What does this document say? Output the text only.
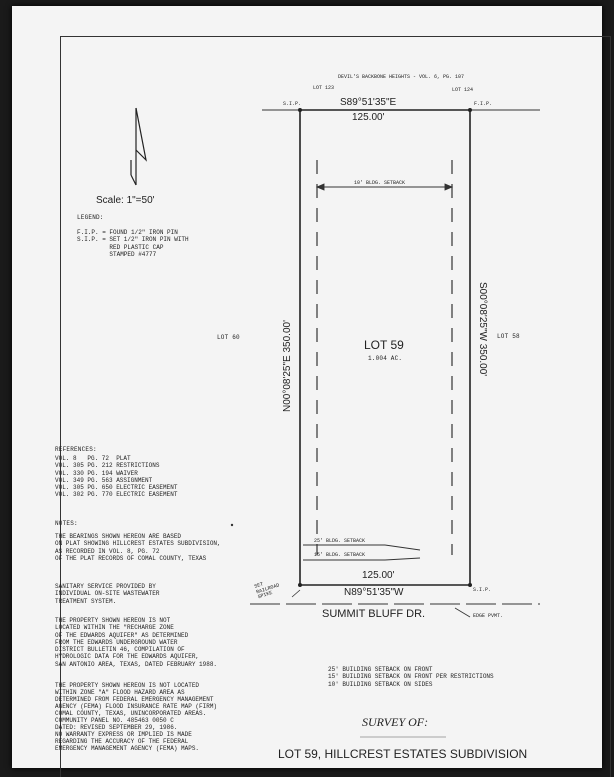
DEVIL'S BACKBONE HEIGHTS - VOL. 6, PG. 107
LOT 123	LOT 124
S.I.P.	F.I.P.
S89°51'35"E
125.00'
10' BLDG. SETBACK
Scale: 1"=50'
LOT 60	LOT 58
LOT 59
1.004 AC.
N00°08'25"E 350.00'	S00°08'25"W 350.00'
25' BLDG. SETBACK
15' BLDG. SETBACK
125.00'
N89°51'35"W	S.I.P.
SET
RAILROAD
SPIKE
SUMMIT BLUFF DR.	EDGE PVMT.
LEGEND:
F.I.P. = FOUND 1/2" IRON PIN
S.I.P. = SET 1/2" IRON PIN WITH
RED PLASTIC CAP
STAMPED #4777
REFERENCES:
VOL. 8   PG. 72  PLAT
VOL. 305 PG. 212 RESTRICTIONS
VOL. 330 PG. 194 WAIVER
VOL. 349 PG. 563 ASSIGNMENT
VOL. 305 PG. 650 ELECTRIC EASEMENT
VOL. 302 PG. 770 ELECTRIC EASEMENT
NOTES:
THE BEARINGS SHOWN HEREON ARE BASED
ON PLAT SHOWING HILLCREST ESTATES SUBDIVISION,
AS RECORDED IN VOL. 8, PG. 72
OF THE PLAT RECORDS OF COMAL COUNTY, TEXAS
SANITARY SERVICE PROVIDED BY
INDIVIDUAL ON-SITE WASTEWATER
TREATMENT SYSTEM.
THE PROPERTY SHOWN HEREON IS NOT
LOCATED WITHIN THE "RECHARGE ZONE
OF THE EDWARDS AQUIFER" AS DETERMINED
FROM THE EDWARDS UNDERGROUND WATER
DISTRICT BULLETIN 46, COMPILATION OF
HYDROLOGIC DATA FOR THE EDWARDS AQUIFER,
SAN ANTONIO AREA, TEXAS, DATED FEBRUARY 1988.
THE PROPERTY SHOWN HEREON IS NOT LOCATED
WITHIN ZONE "A" FLOOD HAZARD AREA AS
DETERMINED FROM FEDERAL EMERGENCY MANAGEMENT
AGENCY (FEMA) FLOOD INSURANCE RATE MAP (FIRM)
COMAL COUNTY, TEXAS, UNINCORPORATED AREAS.
COMMUNITY PANEL NO. 485463 0050 C
DATED: REVISED SEPTEMBER 29, 1986.
NO WARRANTY EXPRESS OR IMPLIED IS MADE
REGARDING THE ACCURACY OF THE FEDERAL
EMERGENCY MANAGEMENT AGENCY (FEMA) MAPS.
25' BUILDING SETBACK ON FRONT
15' BUILDING SETBACK ON FRONT PER RESTRICTIONS
10' BUILDING SETBACK ON SIDES
SURVEY OF:
LOT 59, HILLCREST ESTATES SUBDIVISION
